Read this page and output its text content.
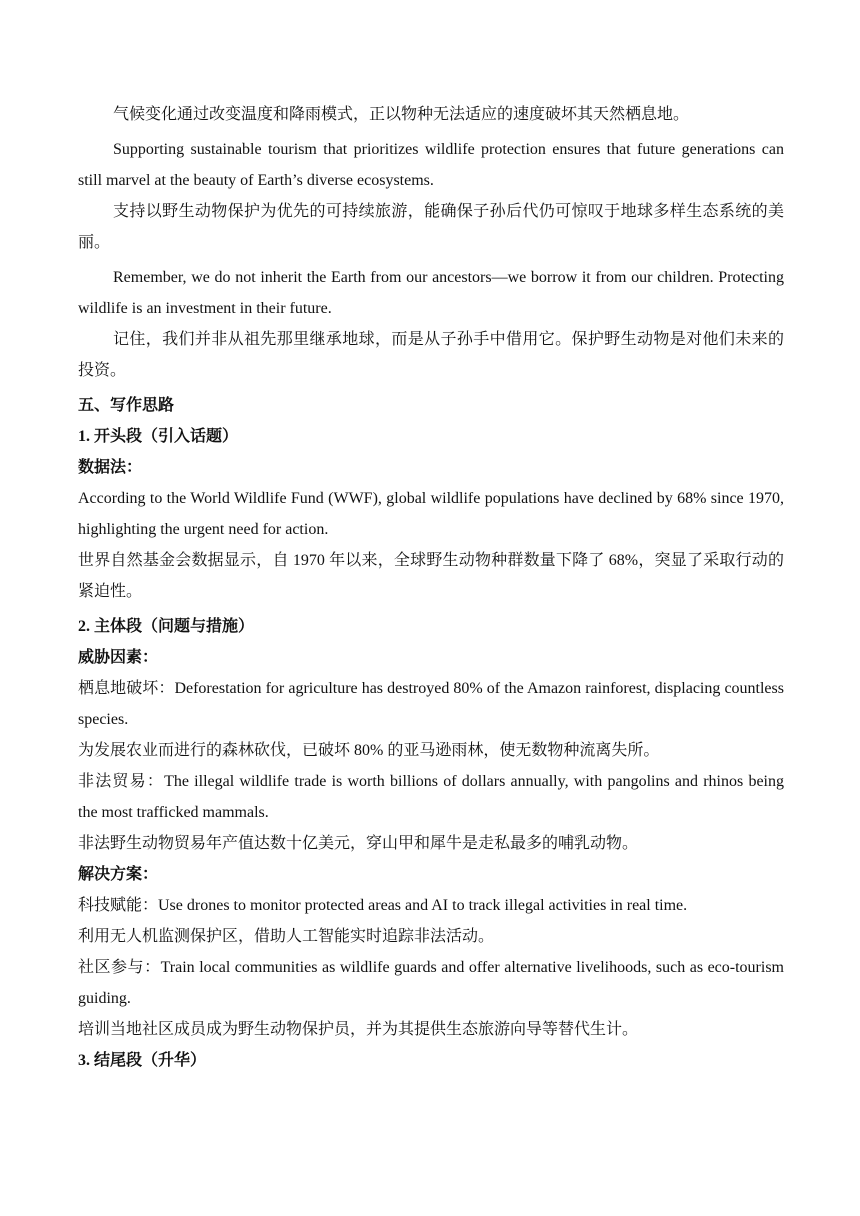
气候变化通过改变温度和降雨模式，正以物种无法适应的速度破坏其天然栖息地。

Supporting sustainable tourism that prioritizes wildlife protection ensures that future generations can still marvel at the beauty of Earth’s diverse ecosystems.

支持以野生动物保护为优先的可持续旅游，能确保子孙后代仍可惊叹于地球多样生态系统的美丽。

Remember, we do not inherit the Earth from our ancestors—we borrow it from our children. Protecting wildlife is an investment in their future.

记住，我们并非从祖先那里继承地球，而是从子孙手中借用它。保护野生动物是对他们未来的投资。

五、写作思路

1. 开头段（引入话题）

数据法：

According to the World Wildlife Fund (WWF), global wildlife populations have declined by 68% since 1970, highlighting the urgent need for action.

世界自然基金会数据显示，自 1970 年以来，全球野生动物种群数量下降了 68%，突显了采取行动的紧迫性。

2. 主体段（问题与措施）

威胁因素：

栖息地破坏：Deforestation for agriculture has destroyed 80% of the Amazon rainforest, displacing countless species.

为发展农业而进行的森林砍伐，已破坏 80% 的亚马逊雨林，使无数物种流离失所。

非法贸易：The illegal wildlife trade is worth billions of dollars annually, with pangolins and rhinos being the most trafficked mammals.

非法野生动物贸易年产值达数十亿美元，穿山甲和犀牛是走私最多的哺乳动物。

解决方案：

科技赋能：Use drones to monitor protected areas and AI to track illegal activities in real time.

利用无人机监测保护区，借助人工智能实时追踪非法活动。

社区参与：Train local communities as wildlife guards and offer alternative livelihoods, such as eco-tourism guiding.

培训当地社区成员成为野生动物保护员，并为其提供生态旅游向导等替代生计。

3. 结尾段（升华）
